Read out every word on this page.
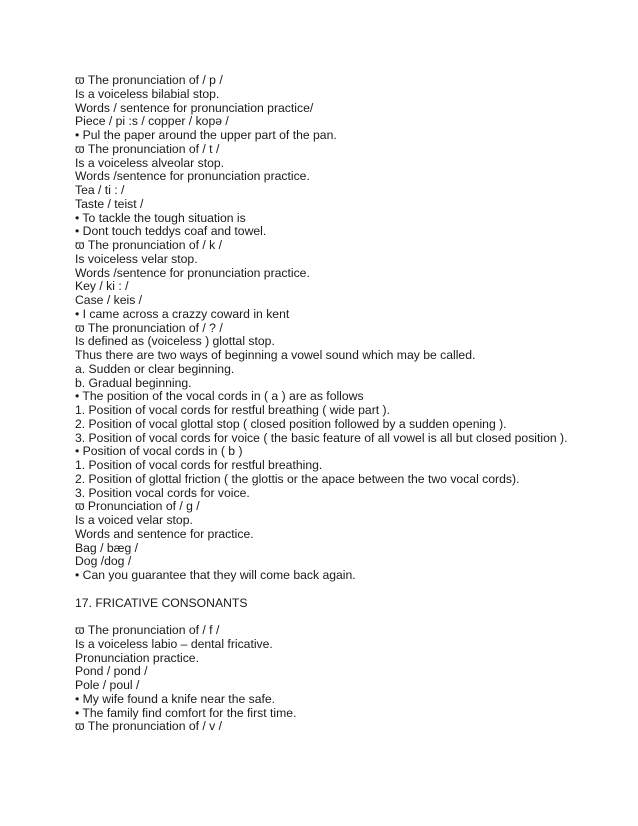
ϖ The pronunciation of / p /
Is a voiceless bilabial stop.
Words / sentence for pronunciation practice/
Piece / pi :s / copper / kopə /
• Pul the paper around the upper part of the pan.
ϖ The pronunciation of / t /
Is a voiceless alveolar stop.
Words /sentence for pronunciation practice.
Tea / ti : /
Taste / teist /
• To tackle the tough situation is
• Dont touch teddys coaf and towel.
ϖ The pronunciation of / k /
Is voiceless velar stop.
Words /sentence for pronunciation practice.
Key / ki : /
Case / keis /
• I came across a crazzy coward in kent
ϖ The pronunciation of / ? /
Is defined as (voiceless ) glottal stop.
Thus there are two ways of beginning a vowel sound which may be called.
a. Sudden or clear beginning.
b. Gradual beginning.
• The position of the vocal cords in ( a ) are as follows
1. Position of vocal cords for restful breathing ( wide part ).
2. Position of vocal glottal stop ( closed position followed by a sudden opening ).
3. Position of vocal cords for voice ( the basic feature of all vowel is all but closed position ).
• Position of vocal cords in ( b )
1. Position of vocal cords for restful breathing.
2. Position of glottal friction ( the glottis or the apace between the two vocal cords).
3. Position vocal cords for voice.
ϖ Pronunciation of / g /
Is a voiced velar stop.
Words and sentence for practice.
Bag / bæg /
Dog /dog /
• Can you guarantee that they will come back again.
17. FRICATIVE CONSONANTS
ϖ The pronunciation of / f /
Is a voiceless labio – dental fricative.
Pronunciation practice.
Pond / pond /
Pole / poul /
• My wife found a knife near the safe.
• The family find comfort for the first time.
ϖ The pronunciation of / v /
